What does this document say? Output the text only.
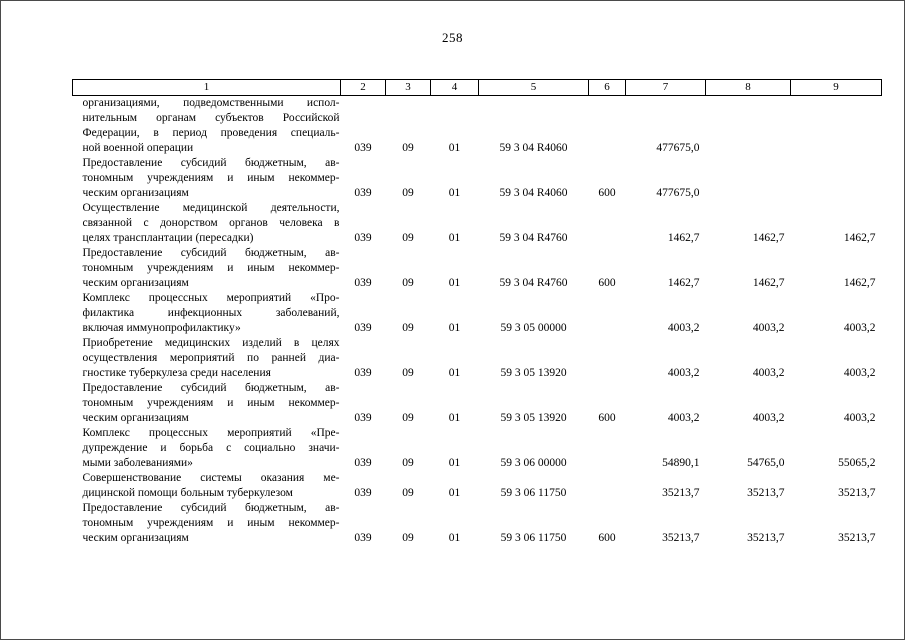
258
1	2	3	4	5	6	7	8	9

организациями, подведомственными испол-
нительным органам субъектов Российской
Федерации, в период проведения специаль-
ной военной операции	039	09	01	59 3 04 R4060		477675,0		

Предоставление субсидий бюджетным, ав-
тономным учреждениям и иным некоммер-
ческим организациям	039	09	01	59 3 04 R4060	600	477675,0		

Осуществление медицинской деятельности,
связанной с донорством органов человека в
целях трансплантации (пересадки)	039	09	01	59 3 04 R4760		1462,7	1462,7	1462,7

Предоставление субсидий бюджетным, ав-
тономным учреждениям и иным некоммер-
ческим организациям	039	09	01	59 3 04 R4760	600	1462,7	1462,7	1462,7

Комплекс процессных мероприятий «Про-
филактика инфекционных заболеваний,
включая иммунопрофилактику»	039	09	01	59 3 05 00000		4003,2	4003,2	4003,2

Приобретение медицинских изделий в целях
осуществления мероприятий по ранней диа-
гностике туберкулеза среди населения	039	09	01	59 3 05 13920		4003,2	4003,2	4003,2

Предоставление субсидий бюджетным, ав-
тономным учреждениям и иным некоммер-
ческим организациям	039	09	01	59 3 05 13920	600	4003,2	4003,2	4003,2

Комплекс процессных мероприятий «Пре-
дупреждение и борьба с социально значи-
мыми заболеваниями»	039	09	01	59 3 06 00000		54890,1	54765,0	55065,2

Совершенствование системы оказания ме-
дицинской помощи больным туберкулезом	039	09	01	59 3 06 11750		35213,7	35213,7	35213,7

Предоставление субсидий бюджетным, ав-
тономным учреждениям и иным некоммер-
ческим организациям	039	09	01	59 3 06 11750	600	35213,7	35213,7	35213,7
